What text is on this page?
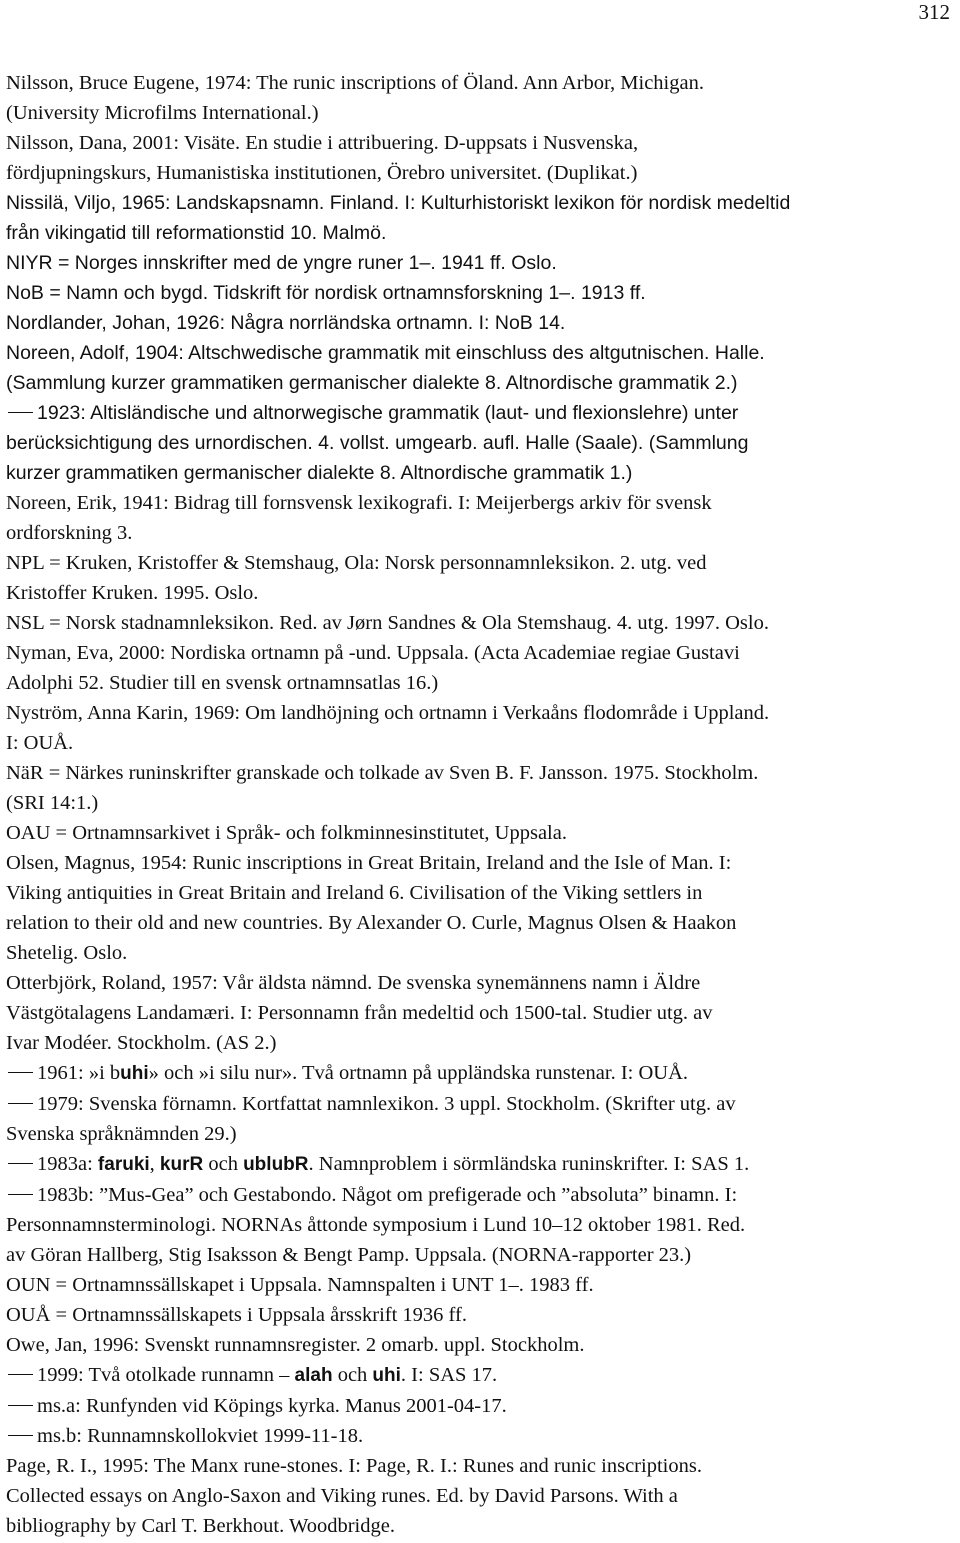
312
Nilsson, Bruce Eugene, 1974: The runic inscriptions of Öland. Ann Arbor, Michigan.
(University Microfilms International.)
Nilsson, Dana, 2001: Visäte. En studie i attribuering. D-uppsats i Nusvenska,
fördjupningskurs, Humanistiska institutionen, Örebro universitet. (Duplikat.)
Nissilä, Viljo, 1965: Landskapsnamn. Finland. I: Kulturhistoriskt lexikon för nordisk medeltid
från vikingatid till reformationstid 10. Malmö.
NIYR = Norges innskrifter med de yngre runer 1–. 1941 ff. Oslo.
NoB = Namn och bygd. Tidskrift för nordisk ortnamnsforskning 1–. 1913 ff.
Nordlander, Johan, 1926: Några norrländska ortnamn. I: NoB 14.
Noreen, Adolf, 1904: Altschwedische grammatik mit einschluss des altgutnischen. Halle.
(Sammlung kurzer grammatiken germanischer dialekte 8. Altnordische grammatik 2.)
1923: Altisländische und altnorwegische grammatik (laut- und flexionslehre) unter
berücksichtigung des urnordischen. 4. vollst. umgearb. aufl. Halle (Saale). (Sammlung
kurzer grammatiken germanischer dialekte 8. Altnordische grammatik 1.)
Noreen, Erik, 1941: Bidrag till fornsvensk lexikografi. I: Meijerbergs arkiv för svensk
ordforskning 3.
NPL = Kruken, Kristoffer & Stemshaug, Ola: Norsk personnamnleksikon. 2. utg. ved
Kristoffer Kruken. 1995. Oslo.
NSL = Norsk stadnamnleksikon. Red. av Jørn Sandnes & Ola Stemshaug. 4. utg. 1997. Oslo.
Nyman, Eva, 2000: Nordiska ortnamn på -und. Uppsala. (Acta Academiae regiae Gustavi
Adolphi 52. Studier till en svensk ortnamnsatlas 16.)
Nyström, Anna Karin, 1969: Om landhöjning och ortnamn i Verkaåns flodområde i Uppland.
I: OUÅ.
NäR = Närkes runinskrifter granskade och tolkade av Sven B. F. Jansson. 1975. Stockholm.
(SRI 14:1.)
OAU = Ortnamnsarkivet i Språk- och folkminnesinstitutet, Uppsala.
Olsen, Magnus, 1954: Runic inscriptions in Great Britain, Ireland and the Isle of Man. I:
Viking antiquities in Great Britain and Ireland 6. Civilisation of the Viking settlers in
relation to their old and new countries. By Alexander O. Curle, Magnus Olsen & Haakon
Shetelig. Oslo.
Otterbjörk, Roland, 1957: Vår äldsta nämnd. De svenska synemännens namn i Äldre
Västgötalagens Landamæri. I: Personnamn från medeltid och 1500-tal. Studier utg. av
Ivar Modéer. Stockholm. (AS 2.)
1961: »i buhi» och »i silu nur». Två ortnamn på uppländska runstenar. I: OUÅ.
1979: Svenska förnamn. Kortfattat namnlexikon. 3 uppl. Stockholm. (Skrifter utg. av
Svenska språknämnden 29.)
1983a: faruki, kurR och ublubR. Namnproblem i sörmländska runinskrifter. I: SAS 1.
1983b: ”Mus-Gea” och Gestabondo. Något om prefigerade och ”absoluta” binamn. I:
Personnamnsterminologi. NORNAs åttonde symposium i Lund 10–12 oktober 1981. Red.
av Göran Hallberg, Stig Isaksson & Bengt Pamp. Uppsala. (NORNA-rapporter 23.)
OUN = Ortnamnssällskapet i Uppsala. Namnspalten i UNT 1–. 1983 ff.
OUÅ = Ortnamnssällskapets i Uppsala årsskrift 1936 ff.
Owe, Jan, 1996: Svenskt runnamnsregister. 2 omarb. uppl. Stockholm.
1999: Två otolkade runnamn – alah och uhi. I: SAS 17.
ms.a: Runfynden vid Köpings kyrka. Manus 2001-04-17.
ms.b: Runnamnskollokviet 1999-11-18.
Page, R. I., 1995: The Manx rune-stones. I: Page, R. I.: Runes and runic inscriptions.
Collected essays on Anglo-Saxon and Viking runes. Ed. by David Parsons. With a
bibliography by Carl T. Berkhout. Woodbridge.
